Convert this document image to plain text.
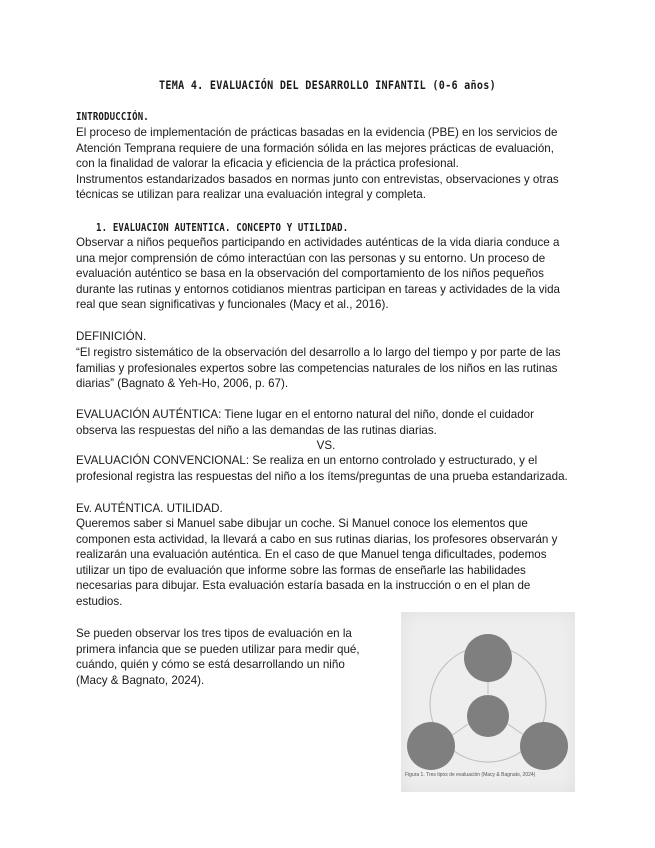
TEMA 4. EVALUACIÓN DEL DESARROLLO INFANTIL (0-6 años)
INTRODUCCIÓN.
El proceso de implementación de prácticas basadas en la evidencia (PBE) en los servicios de
Atención Temprana requiere de una formación sólida en las mejores prácticas de evaluación,
con la finalidad de valorar la eficacia y eficiencia de la práctica profesional.
Instrumentos estandarizados basados en normas junto con entrevistas, observaciones y otras
técnicas se utilizan para realizar una evaluación integral y completa.
1. EVALUACION AUTENTICA. CONCEPTO Y UTILIDAD.
Observar a niños pequeños participando en actividades auténticas de la vida diaria conduce a
una mejor comprensión de cómo interactúan con las personas y su entorno. Un proceso de
evaluación auténtico se basa en la observación del comportamiento de los niños pequeños
durante las rutinas y entornos cotidianos mientras participan en tareas y actividades de la vida
real que sean significativas y funcionales (Macy et al., 2016).
DEFINICIÓN.
“El registro sistemático de la observación del desarrollo a lo largo del tiempo y por parte de las
familias y profesionales expertos sobre las competencias naturales de los niños en las rutinas
diarias” (Bagnato & Yeh-Ho, 2006, p. 67).
EVALUACIÓN AUTÉNTICA: Tiene lugar en el entorno natural del niño, donde el cuidador
observa las respuestas del niño a las demandas de las rutinas diarias.
VS.
EVALUACIÓN CONVENCIONAL: Se realiza en un entorno controlado y estructurado, y el
profesional registra las respuestas del niño a los ítems/preguntas de una prueba estandarizada.
Ev. AUTÉNTICA. UTILIDAD.
Queremos saber si Manuel sabe dibujar un coche. Si Manuel conoce los elementos que
componen esta actividad, la llevará a cabo en sus rutinas diarias, los profesores observarán y
realizarán una evaluación auténtica. En el caso de que Manuel tenga dificultades, podemos
utilizar un tipo de evaluación que informe sobre las formas de enseñarle las habilidades
necesarias para dibujar. Esta evaluación estaría basada en la instrucción o en el plan de
estudios.
Se pueden observar los tres tipos de evaluación en la
primera infancia que se pueden utilizar para medir qué,
cuándo, quién y cómo se está desarrollando un niño
(Macy & Bagnato, 2024).
Figura 1. Tres tipos de evaluación (Macy & Bagnato, 2024)
